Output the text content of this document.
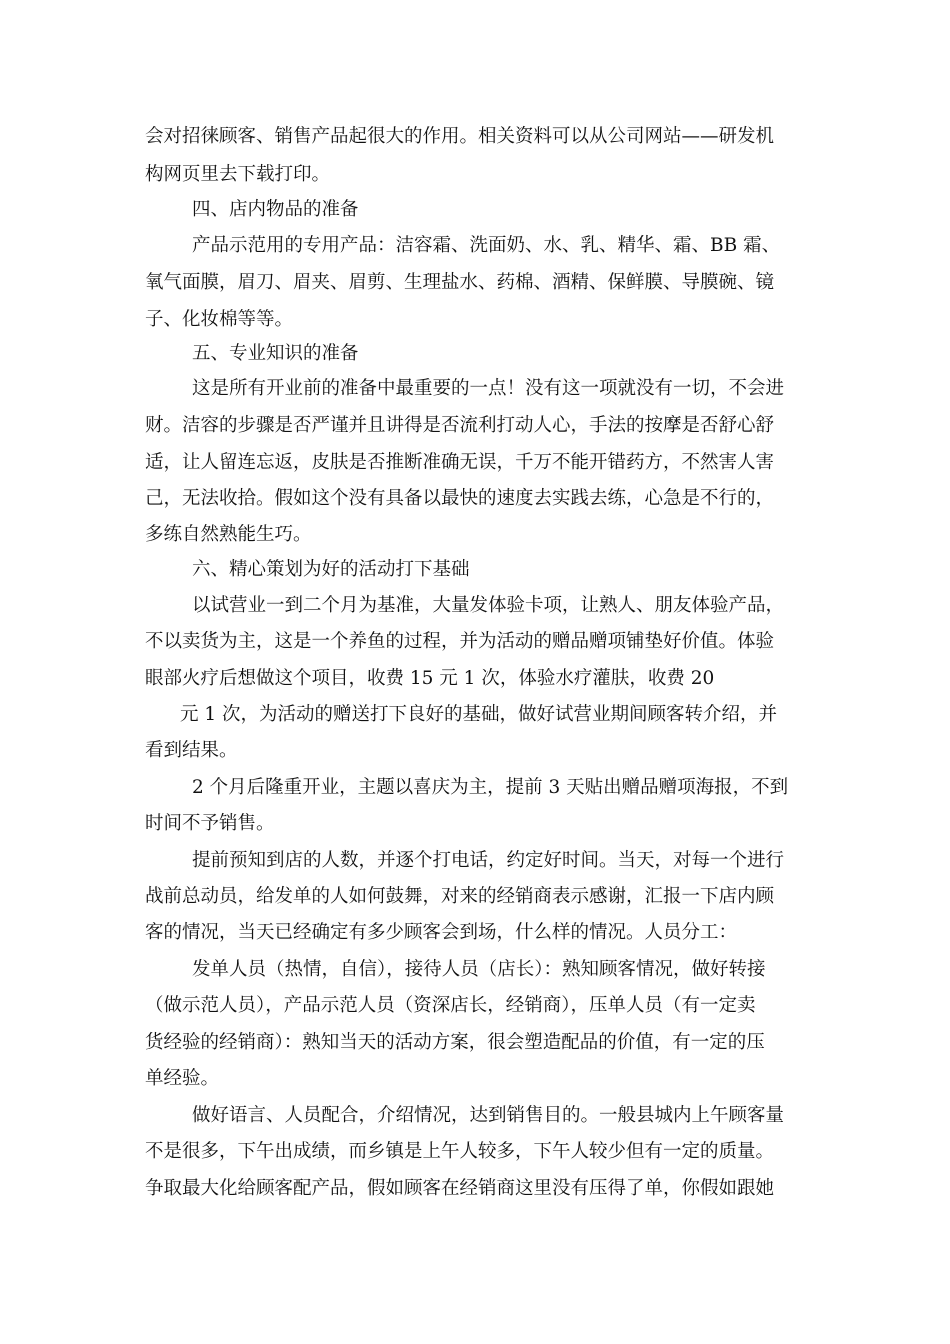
会对招徕顾客、销售产品起很大的作用。相关资料可以从公司网站——研发机
构网页里去下载打印。
四、店内物品的准备
产品示范用的专用产品：洁容霜、洗面奶、水、乳、精华、霜、BB 霜、
氧气面膜，眉刀、眉夹、眉剪、生理盐水、药棉、酒精、保鲜膜、导膜碗、镜
子、化妆棉等等。
五、专业知识的准备
这是所有开业前的准备中最重要的一点！没有这一项就没有一切，不会进
财。洁容的步骤是否严谨并且讲得是否流利打动人心，手法的按摩是否舒心舒
适，让人留连忘返，皮肤是否推断准确无误，千万不能开错药方，不然害人害
己，无法收拾。假如这个没有具备以最快的速度去实践去练，心急是不行的，
多练自然熟能生巧。
六、精心策划为好的活动打下基础
以试营业一到二个月为基准，大量发体验卡项，让熟人、朋友体验产品，
不以卖货为主，这是一个养鱼的过程，并为活动的赠品赠项铺垫好价值。体验
眼部火疗后想做这个项目，收费 15 元 1 次，体验水疗灌肤，收费 20
元 1 次，为活动的赠送打下良好的基础，做好试营业期间顾客转介绍，并
看到结果。
2 个月后隆重开业，主题以喜庆为主，提前 3 天贴出赠品赠项海报，不到
时间不予销售。
提前预知到店的人数，并逐个打电话，约定好时间。当天，对每一个进行
战前总动员，给发单的人如何鼓舞，对来的经销商表示感谢，汇报一下店内顾
客的情况，当天已经确定有多少顾客会到场，什么样的情况。人员分工：
发单人员（热情，自信），接待人员（店长）：熟知顾客情况，做好转接
（做示范人员），产品示范人员（资深店长，经销商），压单人员（有一定卖
货经验的经销商）：熟知当天的活动方案，很会塑造配品的价值，有一定的压
单经验。
做好语言、人员配合，介绍情况，达到销售目的。一般县城内上午顾客量
不是很多，下午出成绩，而乡镇是上午人较多，下午人较少但有一定的质量。
争取最大化给顾客配产品，假如顾客在经销商这里没有压得了单，你假如跟她
